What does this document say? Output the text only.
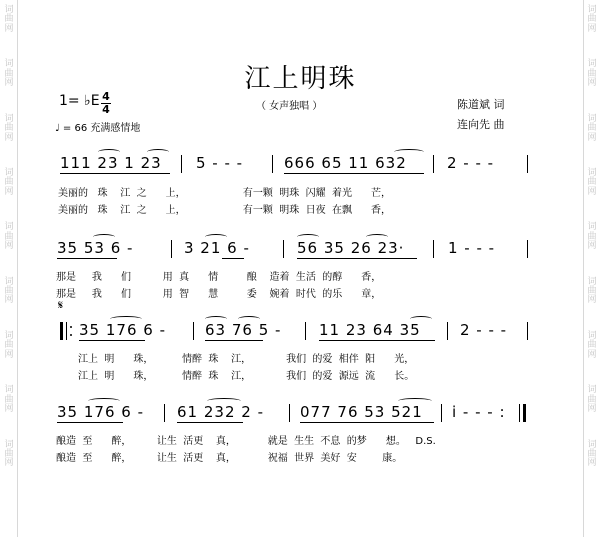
词
曲
网
词
曲
网
词
曲
网
词
曲
网
词
曲
网
词
曲
网
词
曲
网
词
曲
网
词
曲
网
词
曲
网
词
曲
网
词
曲
网
词
曲
网
词
曲
网
词
曲
网
词
曲
网
词
曲
网
词
曲
网
江上明珠
1= ♭E 4
4	（ 女声独唱 ）
♩ = 66 充满感情地
陈道斌 词
连向先 曲
111 23 1 23 5 - - -	666 65 11 632	2 - - -
美丽的   珠    江  之      上，                  有一颗  明珠  闪耀  着光      芒，
美丽的   珠    江  之      上，                  有一颗  明珠  日夜  在飘      香，
35 53 6 -	3 21 6 -	56 35 26 23·	1 - - -
那是     我      们          用  真      情         酿    造着  生活  的醇      香，
那是     我      们          用  智      慧         委    婉着  时代  的乐      章，
𝄋
35 176 6 -	63 76 5 -	11 23 64 35	2 - - -
江上  明      珠，         情醉  珠    江，           我们  的爱  相伴  阳      光，
江上  明      珠，         情醉  珠    江，           我们  的爱  源远  流      长。
35 176 6 - 61 232 2 - 077 76 53 521 i - - - :
酿造  至      醉，        让生  活更    真，          就是  生生  不息  的梦      想。   D.S.
酿造  至      醉，        让生  活更    真，          祝福  世界  美好  安        康。
